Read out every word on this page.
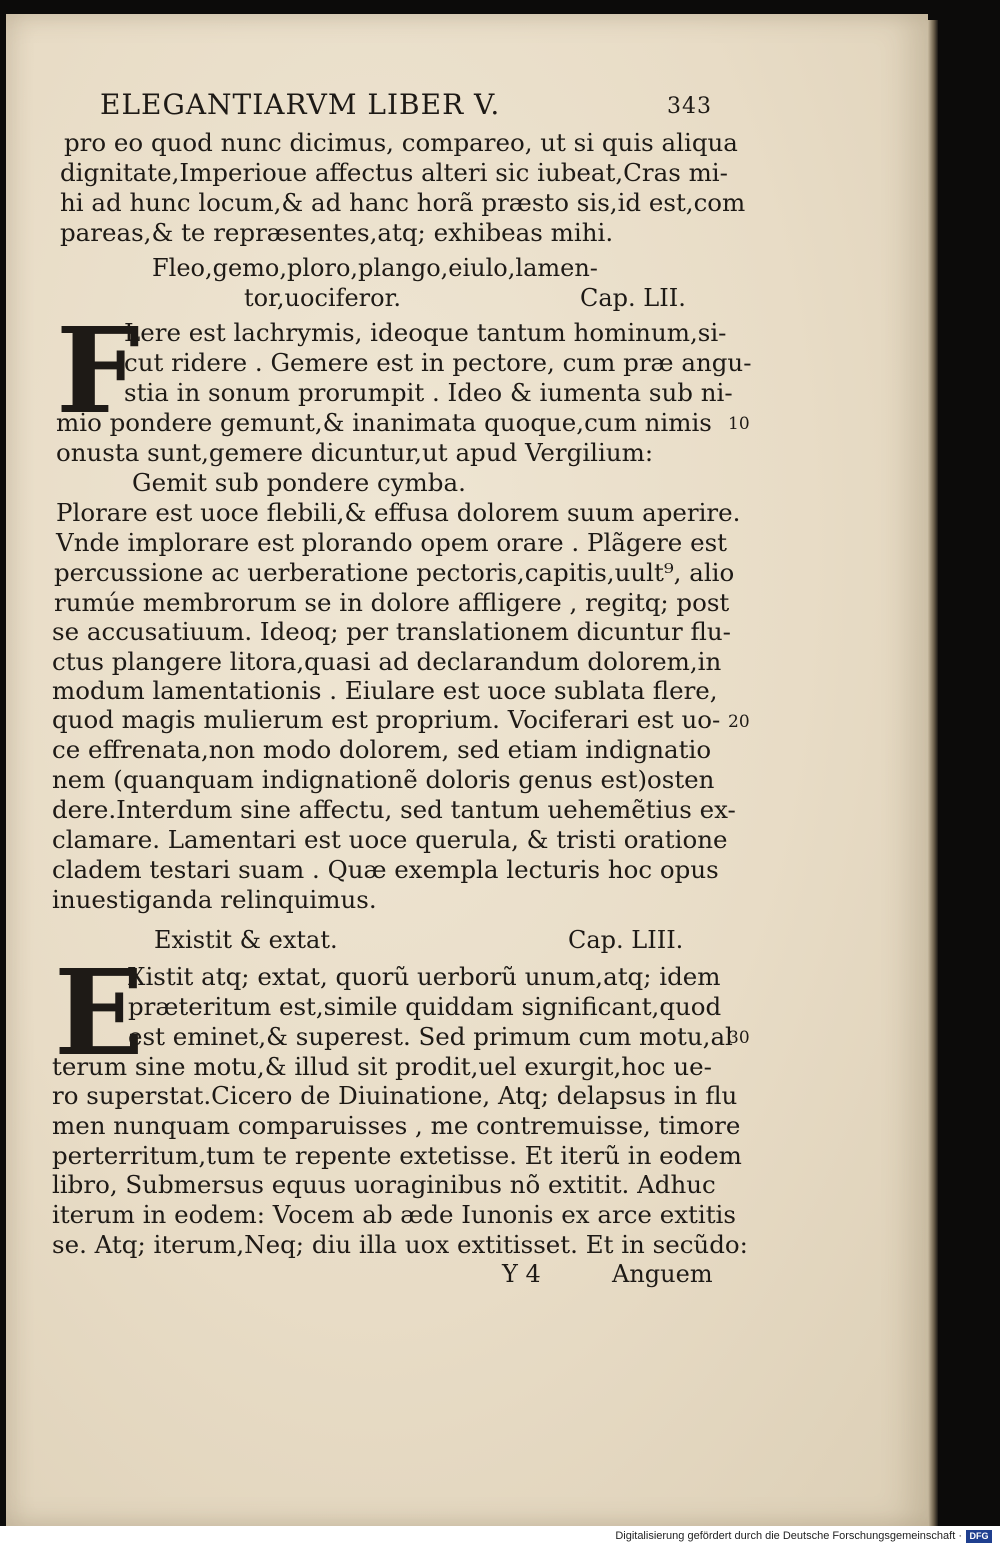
ELEGANTIARVM LIBER V.	343
pro eo quod nunc dicimus, compareo, ut si quis aliqua
dignitate,Imperioue affectus alteri sic iubeat,Cras mi-
hi ad hunc locum,& ad hanc horã præsto sis,id est,com
pareas,& te repræsentes,atq; exhibeas mihi.
Fleo,gemo,ploro,plango,eiulo,lamen-
tor,uociferor.	Cap. LII.
F
Lere est lachrymis, ideoque tantum hominum,si-
cut ridere . Gemere est in pectore, cum præ angu-
stia in sonum prorumpit . Ideo & iumenta sub ni-
mio pondere gemunt,& inanimata quoque,cum nimis
onusta sunt,gemere dicuntur,ut apud Vergilium:
10
Gemit sub pondere cymba.
Plorare est uoce flebili,& effusa dolorem suum aperire.
Vnde implorare est plorando opem orare . Plãgere est
percussione ac uerberatione pectoris,capitis,uult⁹, alio
rumúe membrorum se in dolore affligere , regitq; post
se accusatiuum. Ideoq; per translationem dicuntur flu-
ctus plangere litora,quasi ad declarandum dolorem,in
modum lamentationis . Eiulare est uoce sublata flere,
quod magis mulierum est proprium. Vociferari est uo-
ce effrenata,non modo dolorem, sed etiam indignatio
nem (quanquam indignationẽ doloris genus est)osten
dere.Interdum sine affectu, sed tantum uehemẽtius ex-
clamare. Lamentari est uoce querula, & tristi oratione
cladem testari suam . Quæ exempla lecturis hoc opus
inuestiganda relinquimus.
20
Existit & extat.	Cap. LIII.
E
Xistit atq; extat, quorũ uerborũ unum,atq; idem
præteritum est,simile quiddam significant,quod
est eminet,& superest. Sed primum cum motu,al
terum sine motu,& illud sit prodit,uel exurgit,hoc ue-
ro superstat.Cicero de Diuinatione, Atq; delapsus in flu
men nunquam comparuisses , me contremuisse, timore
perterritum,tum te repente extetisse. Et iterũ in eodem
libro, Submersus equus uoraginibus nõ extitit. Adhuc
iterum in eodem: Vocem ab æde Iunonis ex arce extitis
se. Atq; iterum,Neq; diu illa uox extitisset. Et in secũdo:
30
Y 4	Anguem
Digitalisierung gefördert durch die Deutsche Forschungsgemeinschaft · DFG
